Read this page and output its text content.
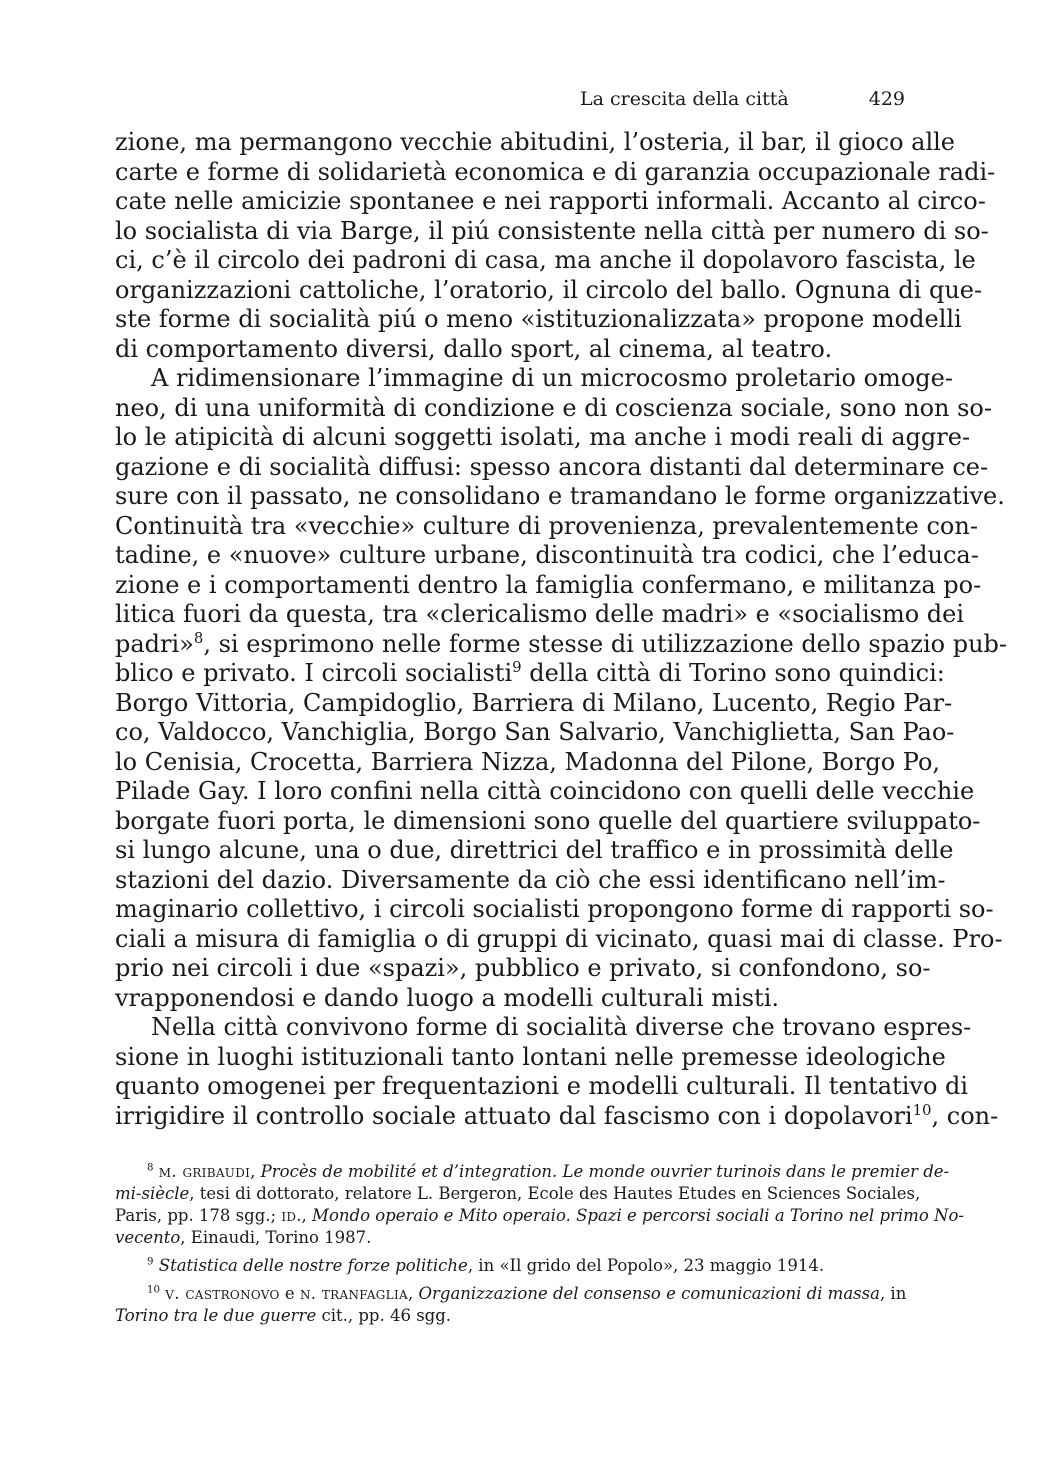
La crescita della città	429
zione, ma permangono vecchie abitudini, l’osteria, il bar, il gioco alle
carte e forme di solidarietà economica e di garanzia occupazionale radi-
cate nelle amicizie spontanee e nei rapporti informali. Accanto al circo-
lo socialista di via Barge, il piú consistente nella città per numero di so-
ci, c’è il circolo dei padroni di casa, ma anche il dopolavoro fascista, le
organizzazioni cattoliche, l’oratorio, il circolo del ballo. Ognuna di que-
ste forme di socialità piú o meno «istituzionalizzata» propone modelli
di comportamento diversi, dallo sport, al cinema, al teatro.
A ridimensionare l’immagine di un microcosmo proletario omoge-
neo, di una uniformità di condizione e di coscienza sociale, sono non so-
lo le atipicità di alcuni soggetti isolati, ma anche i modi reali di aggre-
gazione e di socialità diffusi: spesso ancora distanti dal determinare ce-
sure con il passato, ne consolidano e tramandano le forme organizzative.
Continuità tra «vecchie» culture di provenienza, prevalentemente con-
tadine, e «nuove» culture urbane, discontinuità tra codici, che l’educa-
zione e i comportamenti dentro la famiglia confermano, e militanza po-
litica fuori da questa, tra «clericalismo delle madri» e «socialismo dei
padri»$^8$, si esprimono nelle forme stesse di utilizzazione dello spazio pub-
blico e privato. I circoli socialisti$^9$ della città di Torino sono quindici:
Borgo Vittoria, Campidoglio, Barriera di Milano, Lucento, Regio Par-
co, Valdocco, Vanchiglia, Borgo San Salvario, Vanchiglietta, San Pao-
lo Cenisia, Crocetta, Barriera Nizza, Madonna del Pilone, Borgo Po,
Pilade Gay. I loro confini nella città coincidono con quelli delle vecchie
borgate fuori porta, le dimensioni sono quelle del quartiere sviluppato-
si lungo alcune, una o due, direttrici del traffico e in prossimità delle
stazioni del dazio. Diversamente da ciò che essi identificano nell’im-
maginario collettivo, i circoli socialisti propongono forme di rapporti so-
ciali a misura di famiglia o di gruppi di vicinato, quasi mai di classe. Pro-
prio nei circoli i due «spazi», pubblico e privato, si confondono, so-
vrapponendosi e dando luogo a modelli culturali misti.
Nella città convivono forme di socialità diverse che trovano espres-
sione in luoghi istituzionali tanto lontani nelle premesse ideologiche
quanto omogenei per frequentazioni e modelli culturali. Il tentativo di
irrigidire il controllo sociale attuato dal fascismo con i dopolavori$^{10}$, con-
$^8$ m. gribaudi, Procès de mobilité et d’integration. Le monde ouvrier turinois dans le premier de-
mi-siècle, tesi di dottorato, relatore L. Bergeron, Ecole des Hautes Etudes en Sciences Sociales,
Paris, pp. 178 sgg.; id., Mondo operaio e Mito operaio. Spazi e percorsi sociali a Torino nel primo No-
vecento, Einaudi, Torino 1987.
$^9$ Statistica delle nostre forze politiche, in «Il grido del Popolo», 23 maggio 1914.
$^{10}$ v. castronovo e n. tranfaglia, Organizzazione del consenso e comunicazioni di massa, in
Torino tra le due guerre cit., pp. 46 sgg.
